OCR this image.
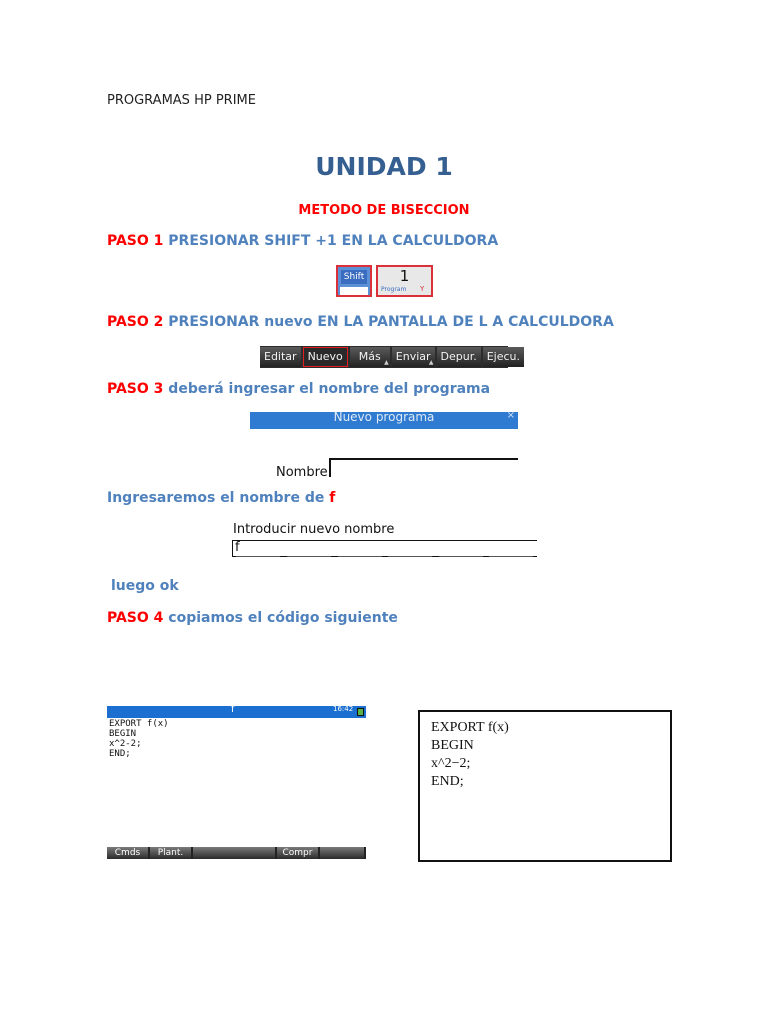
PROGRAMAS HP PRIME
UNIDAD 1
METODO DE BISECCION
PASO 1 PRESIONAR SHIFT +1 EN LA CALCULDORA
Shift	1
Program Y
PASO 2 PRESIONAR nuevo EN LA PANTALLA DE L A CALCULDORA
Editar	Nuevo	Más ▲ Enviar
▲ Depur. Ejecu.
PASO 3 deberá ingresar el nombre del programa
Nuevo programa	×
Nombre:
Ingresaremos el nombre de f
Introducir nuevo nombre
f
luego ok
PASO 4 copiamos el código siguiente
f	16:42
EXPORT f(x)
BEGIN
x^2-2;
END;
Cmds	Plant.	Compr
EXPORT f(x)
BEGIN
x^2−2;
END;
